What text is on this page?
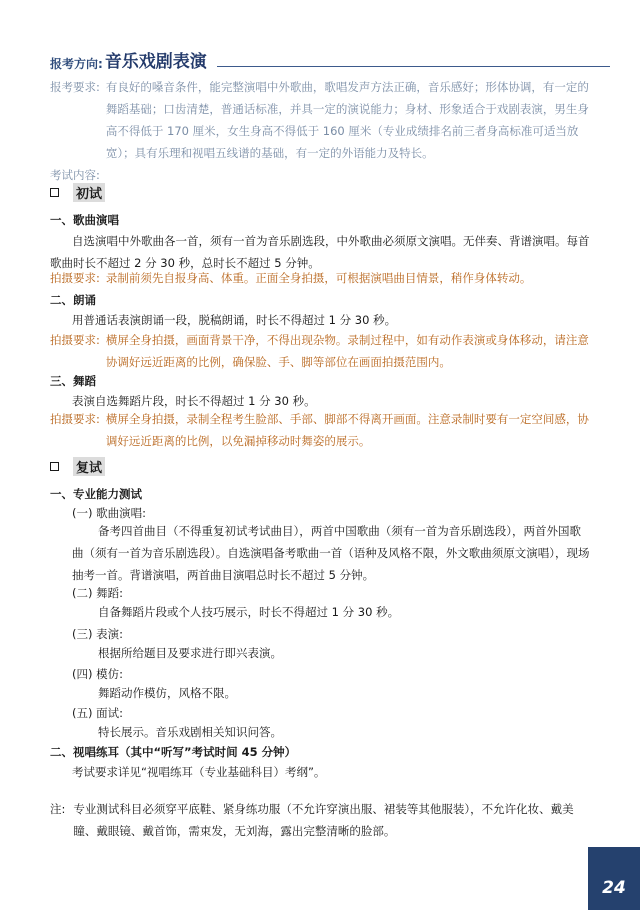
报考方向: 音乐戏剧表演
报考要求: 有良好的嗓音条件，能完整演唱中外歌曲，歌唱发声方法正确，音乐感好；形体协调，有一定的舞蹈基础；口齿清楚，普通话标准，并具一定的演说能力；身材、形象适合于戏剧表演，男生身高不得低于 170 厘米，女生身高不得低于 160 厘米（专业成绩排名前三者身高标准可适当放宽）；具有乐理和视唱五线谱的基础，有一定的外语能力及特长。
考试内容:
初试
一、歌曲演唱
自选演唱中外歌曲各一首，须有一首为音乐剧选段，中外歌曲必须原文演唱。无伴奏、背谱演唱。每首歌曲时长不超过 2 分 30 秒，总时长不超过 5 分钟。
拍摄要求: 录制前须先自报身高、体重。正面全身拍摄，可根据演唱曲目情景，稍作身体转动。
二、朗诵
用普通话表演朗诵一段，脱稿朗诵，时长不得超过 1 分 30 秒。
拍摄要求: 横屏全身拍摄，画面背景干净，不得出现杂物。录制过程中，如有动作表演或身体移动，请注意协调好远近距离的比例，确保脸、手、脚等部位在画面拍摄范围内。
三、舞蹈
表演自选舞蹈片段，时长不得超过 1 分 30 秒。
拍摄要求: 横屏全身拍摄，录制全程考生脸部、手部、脚部不得离开画面。注意录制时要有一定空间感，协调好远近距离的比例，以免漏掉移动时舞姿的展示。
复试
一、专业能力测试
(一) 歌曲演唱:
备考四首曲目（不得重复初试考试曲目），两首中国歌曲（须有一首为音乐剧选段），两首外国歌曲（须有一首为音乐剧选段）。自选演唱备考歌曲一首（语种及风格不限，外文歌曲须原文演唱），现场抽考一首。背谱演唱，两首曲目演唱总时长不超过 5 分钟。
(二) 舞蹈:
自备舞蹈片段或个人技巧展示，时长不得超过 1 分 30 秒。
(三) 表演:
根据所给题目及要求进行即兴表演。
(四) 模仿:
舞蹈动作模仿，风格不限。
(五) 面试:
特长展示。音乐戏剧相关知识问答。
二、视唱练耳（其中“听写”考试时间 45 分钟）
考试要求详见“视唱练耳（专业基础科目）考纲”。
注: 专业测试科目必须穿平底鞋、紧身练功服（不允许穿演出服、裙装等其他服装），不允许化妆、戴美瞳、戴眼镜、戴首饰，需束发，无刘海，露出完整清晰的脸部。
24
